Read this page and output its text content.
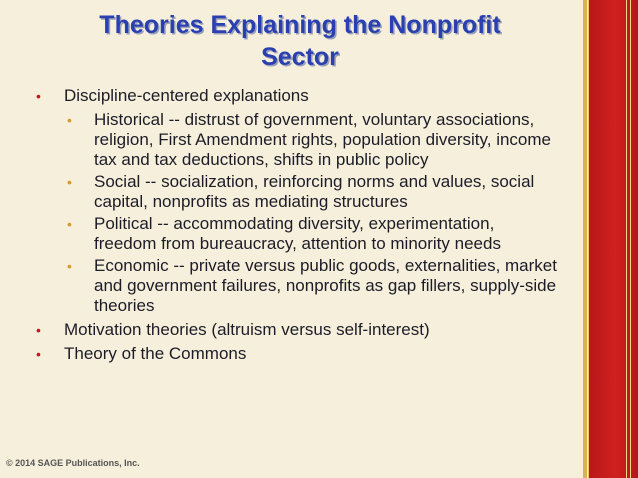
Theories Explaining the Nonprofit
Sector
• Discipline-centered explanations
• Historical -- distrust of government, voluntary associations, religion, First Amendment rights, population diversity, income tax and tax deductions, shifts in public policy
• Social -- socialization, reinforcing norms and values, social capital, nonprofits as mediating structures
• Political -- accommodating diversity, experimentation, freedom from bureaucracy, attention to minority needs
• Economic -- private versus public goods, externalities, market and government failures, nonprofits as gap fillers, supply-side theories
• Motivation theories (altruism versus self-interest)
• Theory of the Commons
© 2014 SAGE Publications, Inc.
